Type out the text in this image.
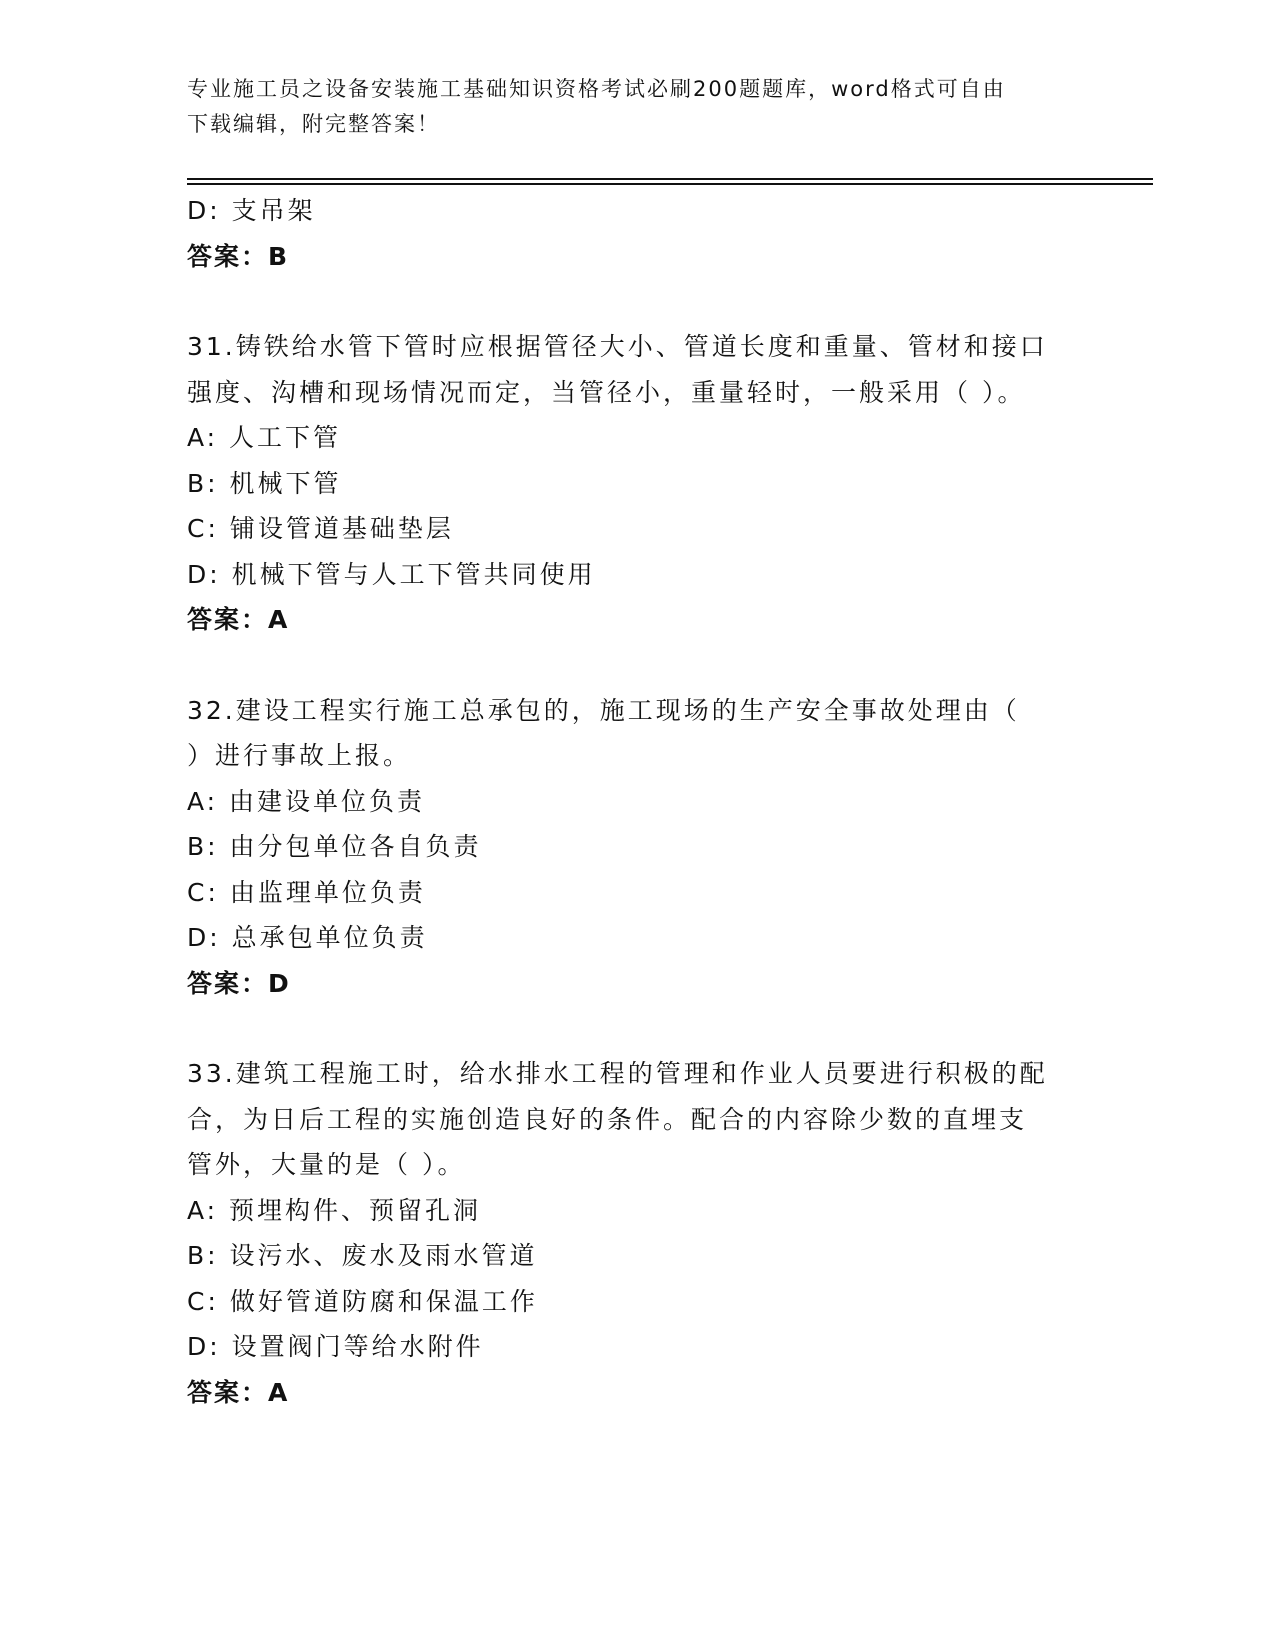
专业施工员之设备安装施工基础知识资格考试必刷200题题库，word格式可自由
下载编辑，附完整答案！
D: 支吊架
答案：B
31.铸铁给水管下管时应根据管径大小、管道长度和重量、管材和接口
强度、沟槽和现场情况而定，当管径小，重量轻时，一般采用（ ）。
A: 人工下管
B: 机械下管
C: 铺设管道基础垫层
D: 机械下管与人工下管共同使用
答案：A
32.建设工程实行施工总承包的，施工现场的生产安全事故处理由（
）进行事故上报。
A: 由建设单位负责
B: 由分包单位各自负责
C: 由监理单位负责
D: 总承包单位负责
答案：D
33.建筑工程施工时，给水排水工程的管理和作业人员要进行积极的配
合，为日后工程的实施创造良好的条件。配合的内容除少数的直埋支
管外，大量的是（ ）。
A: 预埋构件、预留孔洞
B: 设污水、废水及雨水管道
C: 做好管道防腐和保温工作
D: 设置阀门等给水附件
答案：A
